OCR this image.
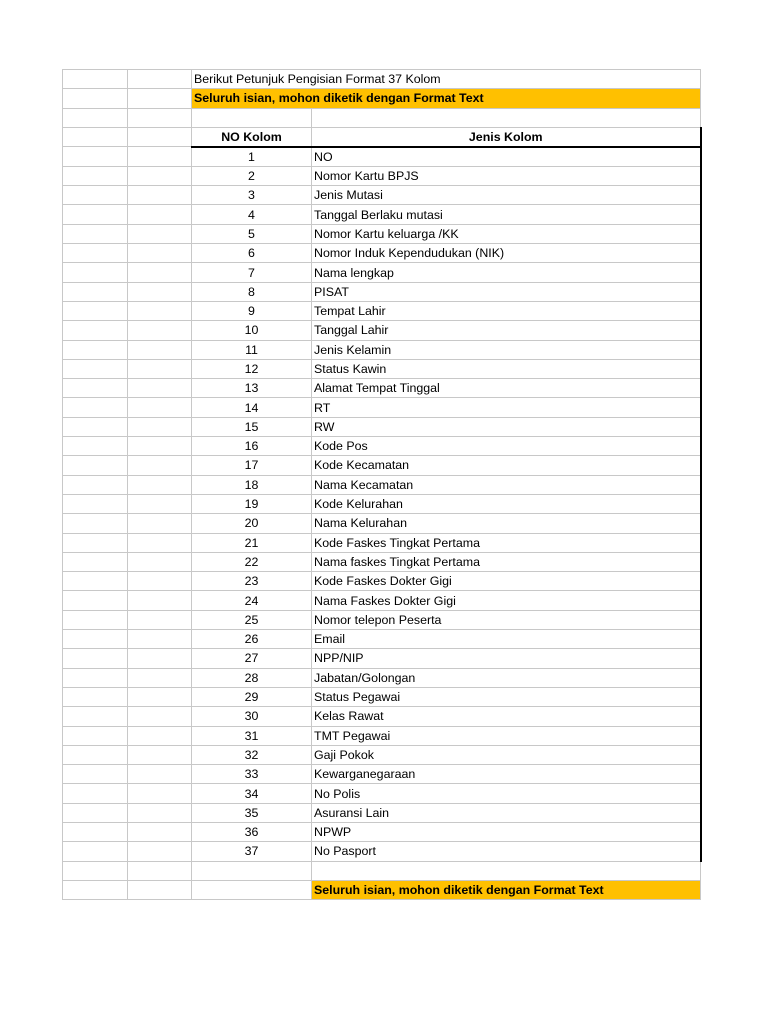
		Berikut Petunjuk Pengisian Format 37 Kolom	
		Seluruh isian, mohon diketik dengan Format Text	

		NO Kolom	Jenis Kolom
		1	NO
		2	Nomor Kartu BPJS
		3	Jenis Mutasi
		4	Tanggal Berlaku mutasi
		5	Nomor Kartu keluarga /KK
		6	Nomor Induk Kependudukan (NIK)
		7	Nama lengkap
		8	PISAT
		9	Tempat Lahir
		10	Tanggal Lahir
		11	Jenis Kelamin
		12	Status Kawin
		13	Alamat Tempat Tinggal
		14	RT
		15	RW
		16	Kode Pos
		17	Kode Kecamatan
		18	Nama Kecamatan
		19	Kode Kelurahan
		20	Nama Kelurahan
		21	Kode Faskes Tingkat Pertama
		22	Nama faskes Tingkat Pertama
		23	Kode Faskes Dokter Gigi
		24	Nama Faskes Dokter Gigi
		25	Nomor telepon Peserta
		26	Email
		27	NPP/NIP
		28	Jabatan/Golongan
		29	Status Pegawai
		30	Kelas Rawat
		31	TMT Pegawai
		32	Gaji Pokok
		33	Kewarganegaraan
		34	No Polis
		35	Asuransi Lain
		36	NPWP
		37	No Pasport

			Seluruh isian, mohon diketik dengan Format Text
